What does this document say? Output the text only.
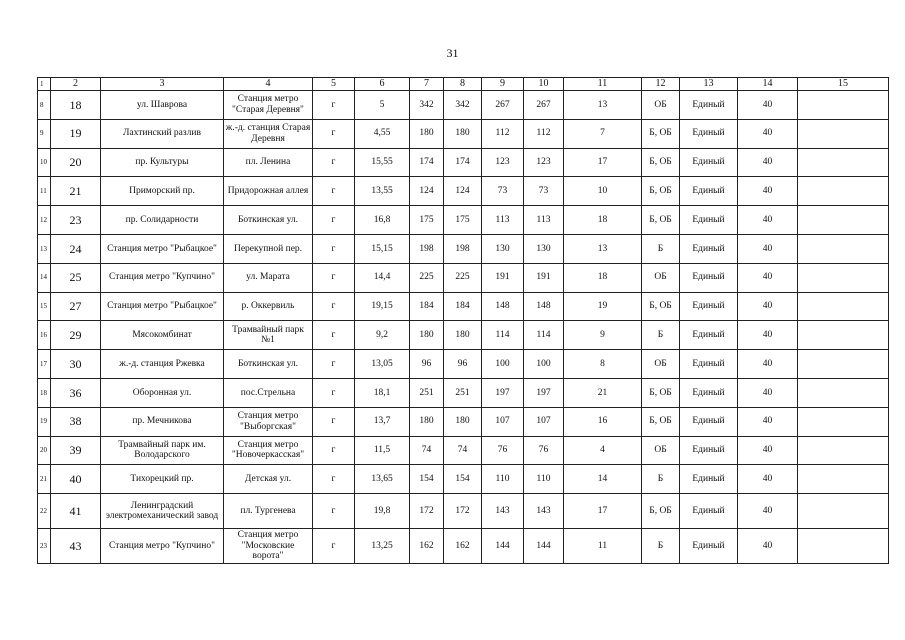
31
1	2	3	4	5	6	7	8	9	10	11	12	13	14	15
8	18	ул. Шаврова	Станция метро "Старая Деревня"	г	5	342	342	267	267	13	ОБ	Единый	40	
9	19	Лахтинский разлив	ж.-д. станция Старая Деревня	г	4,55	180	180	112	112	7	Б, ОБ	Единый	40	
10	20	пр. Культуры	пл. Ленина	г	15,55	174	174	123	123	17	Б, ОБ	Единый	40	
11	21	Приморский пр.	Придорожная аллея	г	13,55	124	124	73	73	10	Б, ОБ	Единый	40	
12	23	пр. Солидарности	Боткинская ул.	г	16,8	175	175	113	113	18	Б, ОБ	Единый	40	
13	24	Станция метро "Рыбацкое"	Перекупной пер.	г	15,15	198	198	130	130	13	Б	Единый	40	
14	25	Станция метро "Купчино"	ул. Марата	г	14,4	225	225	191	191	18	ОБ	Единый	40	
15	27	Станция метро "Рыбацкое"	р. Оккервиль	г	19,15	184	184	148	148	19	Б, ОБ	Единый	40	
16	29	Мясокомбинат	Трамвайный парк №1	г	9,2	180	180	114	114	9	Б	Единый	40	
17	30	ж.-д. станция Ржевка	Боткинская ул.	г	13,05	96	96	100	100	8	ОБ	Единый	40	
18	36	Оборонная ул.	пос.Стрельна	г	18,1	251	251	197	197	21	Б, ОБ	Единый	40	
19	38	пр. Мечникова	Станция метро "Выборгская"	г	13,7	180	180	107	107	16	Б, ОБ	Единый	40	
20	39	Трамвайный парк им. Володарского	Станция метро "Новочеркасская"	г	11,5	74	74	76	76	4	ОБ	Единый	40	
21	40	Тихорецкий пр.	Детская ул.	г	13,65	154	154	110	110	14	Б	Единый	40	
22	41	Ленинградский электромеханический завод	пл. Тургенева	г	19,8	172	172	143	143	17	Б, ОБ	Единый	40	
23	43	Станция метро "Купчино"	Станция метро "Московские ворота"	г	13,25	162	162	144	144	11	Б	Единый	40	
